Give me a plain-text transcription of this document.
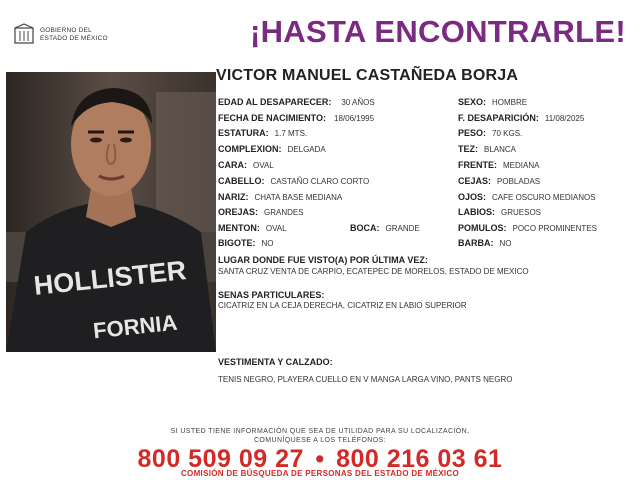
GOBIERNO DEL
ESTADO DE MÉXICO	¡HASTA ENCONTRARLE!
HOLLISTER
FORNIA
VICTOR MANUEL CASTAÑEDA BORJA
EDAD AL DESAPARECER: 30 AÑOS
FECHA DE NACIMIENTO: 18/06/1995
ESTATURA: 1.7 MTS.
COMPLEXION: DELGADA
CARA: OVAL
CABELLO: CASTAÑO CLARO CORTO
NARIZ: CHATA BASE MEDIANA
OREJAS: GRANDES
MENTON: OVAL	BOCA: GRANDE
BIGOTE: NO
SEXO: HOMBRE
F. DESAPARICIÓN: 11/08/2025
PESO: 70 KGS.
TEZ: BLANCA
FRENTE: MEDIANA
CEJAS: POBLADAS
OJOS: CAFE OSCURO MEDIANOS
LABIOS: GRUESOS
POMULOS: POCO PROMINENTES
BARBA: NO
LUGAR DONDE FUE VISTO(A) POR ÚLTIMA VEZ:
SANTA CRUZ VENTA DE CARPIO, ECATEPEC DE MORELOS, ESTADO DE MEXICO
SENAS PARTICULARES:
CICATRIZ EN LA CEJA DERECHA, CICATRIZ EN LABIO SUPERIOR
VESTIMENTA Y CALZADO:
TENIS NEGRO, PLAYERA CUELLO EN V MANGA LARGA VINO, PANTS NEGRO
SI USTED TIENE INFORMACIÓN QUE SEA DE UTILIDAD PARA SU LOCALIZACIÓN,
COMUNÍQUESE A LOS TELÉFONOS:
800 509 09 27 • 800 216 03 61
COMISIÓN DE BÚSQUEDA DE PERSONAS DEL ESTADO DE MÉXICO
